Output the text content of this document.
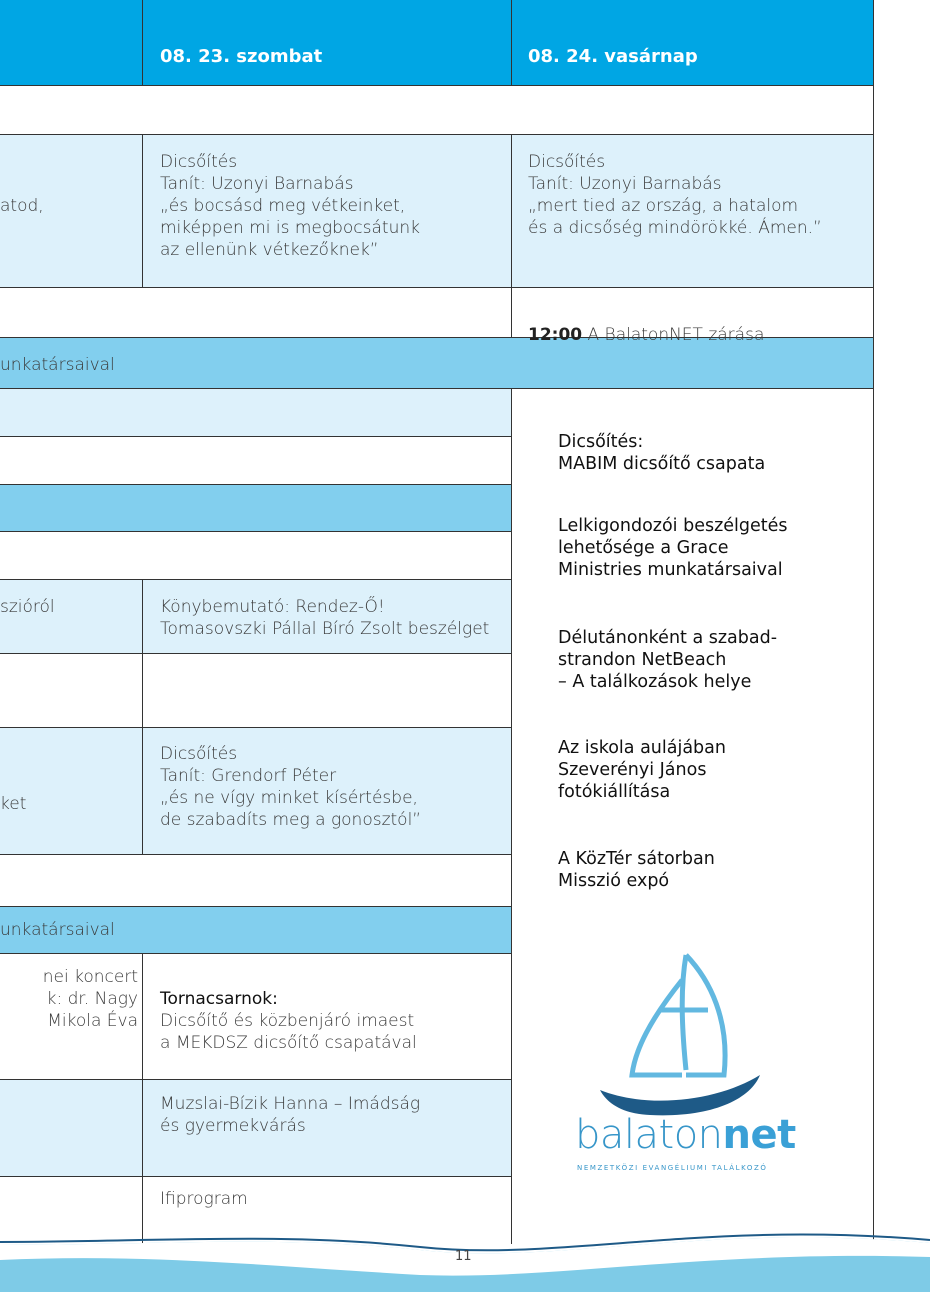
08. 23. szombat	08. 24. vasárnap
atod,
Dicsőítés
Tanít: Uzonyi Barnabás
„és bocsásd meg vétkeinket,
miképpen mi is megbocsátunk
az ellenünk vétkezőknek”
Dicsőítés
Tanít: Uzonyi Barnabás
„mert tied az ország, a hatalom
és a dicsőség mindörökké. Ámen.”

12:00 A BalatonNET zárása

unkatársaival
szióról	Könybemutató: Rendez-Ő!
Tomasovszki Pállal Bíró Zsolt beszélget
ket
Dicsőítés
Tanít: Grendorf Péter
„és ne vígy minket kísértésbe,
de szabadíts meg a gonosztól”
unkatársaival
nei koncert
k: dr. Nagy
Mikola Éva

Tornacsarnok:

Dicsőítő és közbenjáró imaest
a MEKDSZ dicsőítő csapatával

Muzslai-Bízik Hanna – Imádság
és gyermekvárás
Ifiprogram
Dicsőítés:
MABIM dicsőítő csapata
Lelkigondozói beszélgetés
lehetősége a Grace
Ministries munkatársaival
Délutánonként a szabad-
strandon NetBeach
– A találkozások helye
Az iskola aulájában
Szeverényi János
fotókiállítása
A KözTér sátorban
Misszió expó
balatonnet
NEMZETKÖZI EVANGÉLIUMI TALÁLKOZÓ
11
